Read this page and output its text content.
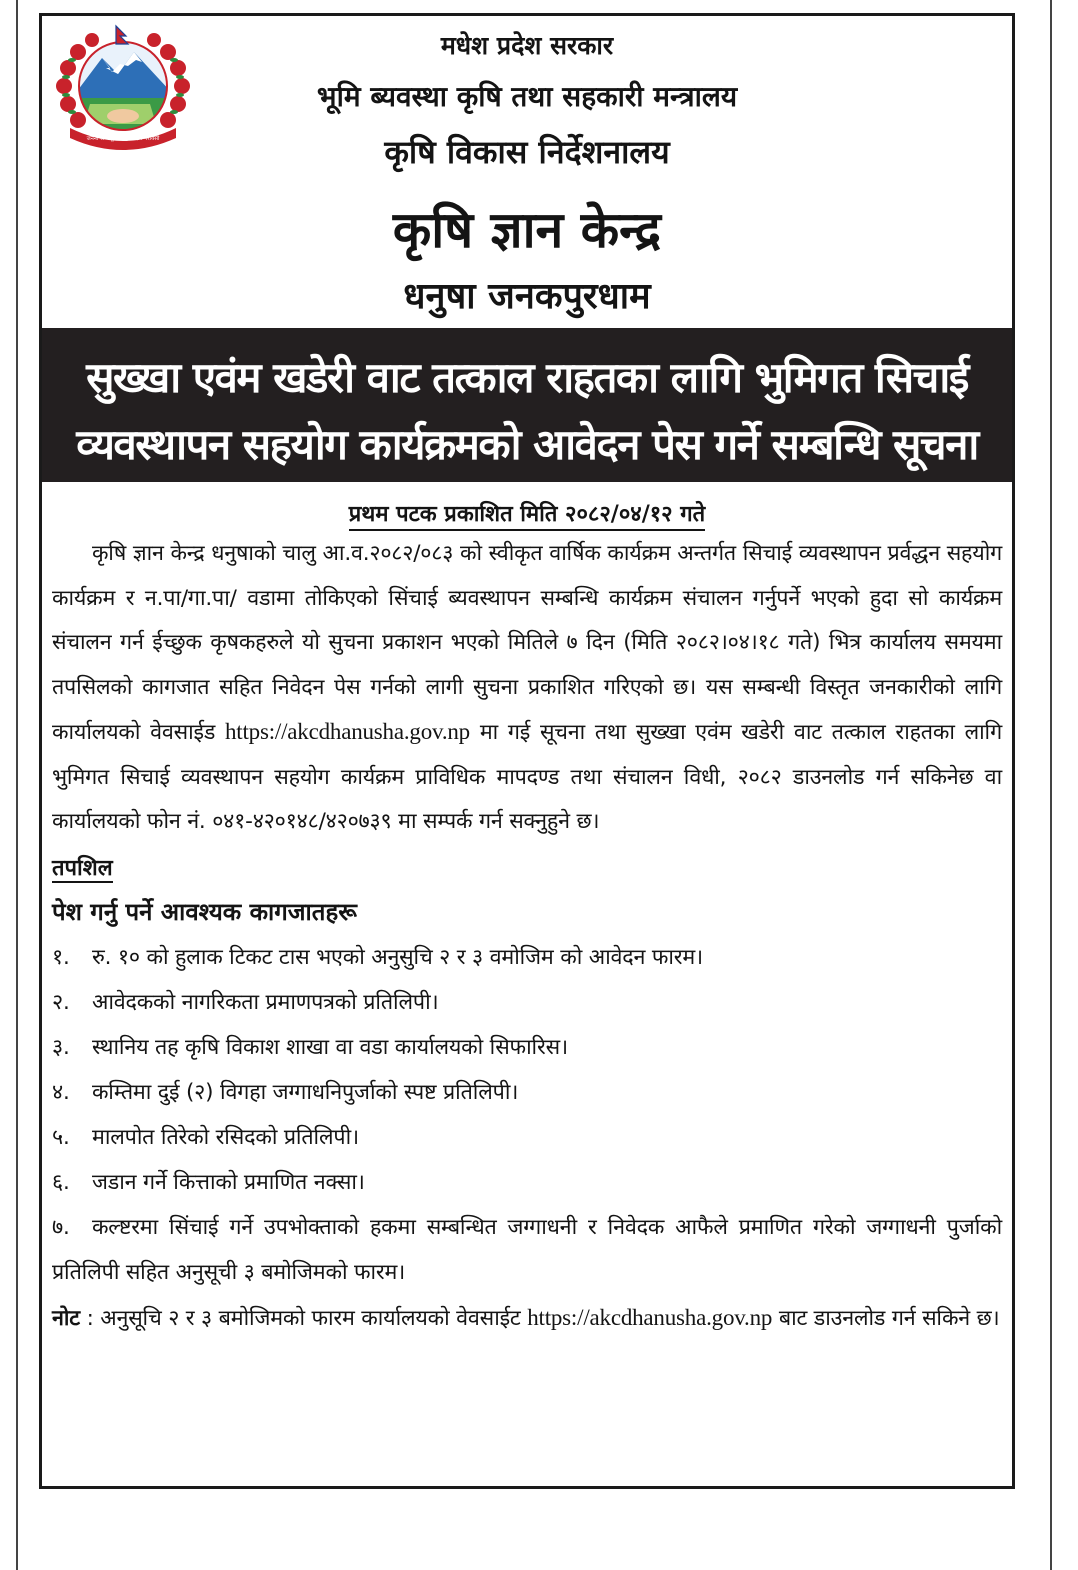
जननी जन्मभूमिश्च स्वर्गादपि गरीयसी
मधेश प्रदेश सरकार
भूमि ब्यवस्था कृषि तथा सहकारी मन्त्रालय
कृषि विकास निर्देशनालय
कृषि ज्ञान केन्द्र
धनुषा जनकपुरधाम
सुख्खा एवंम खडेरी वाट तत्काल राहतका लागि भुमिगत सिचाई
व्यवस्थापन सहयोग कार्यक्रमको आवेदन पेस गर्ने सम्बन्धि सूचना
प्रथम पटक प्रकाशित मिति २०८२/०४/१२ गते

कृषि ज्ञान केन्द्र धनुषाको चालु आ.व.२०८२/०८३ को स्वीकृत वार्षिक कार्यक्रम अन्तर्गत सिचाई व्यवस्थापन प्रर्वद्धन सहयोग कार्यक्रम र न.पा/गा.पा/ वडामा तोकिएको सिंचाई ब्यवस्थापन सम्बन्धि कार्यक्रम संचालन गर्नुपर्ने भएको हुदा सो कार्यक्रम संचालन गर्न ईच्छुक कृषकहरुले यो सुचना प्रकाशन भएको मितिले ७ दिन (मिति २०८२।०४।१८ गते) भित्र कार्यालय समयमा तपसिलको कागजात सहित निवेदन पेस गर्नको लागी सुचना प्रकाशित गरिएको छ। यस सम्बन्धी विस्तृत जनकारीको लागि कार्यालयको वेवसाईड https://akcdhanusha.gov.np मा गई सूचना तथा सुख्खा एवंम खडेरी वाट तत्काल राहतका लागि भुमिगत सिचाई व्यवस्थापन सहयोग कार्यक्रम प्राविधिक मापदण्ड तथा संचालन विधी, २०८२ डाउनलोड गर्न सकिनेछ वा कार्यालयको फोन नं. ०४१-४२०१४८/४२०७३९ मा सम्पर्क गर्न सक्नुहुने छ।

तपशिल
पेश गर्नु पर्ने आवश्यक कागजातहरू
१. रु. १० को हुलाक टिकट टास भएको अनुसुचि २ र ३ वमोजिम को आवेदन फारम।
२. आवेदकको नागरिकता प्रमाणपत्रको प्रतिलिपी।
३. स्थानिय तह कृषि विकाश शाखा वा वडा कार्यालयको सिफारिस।
४. कम्तिमा दुई (२) विगहा जग्गाधनिपुर्जाको स्पष्ट प्रतिलिपी।
५. मालपोत तिरेको रसिदको प्रतिलिपी।
६. जडान गर्ने कित्ताको प्रमाणित नक्सा।
७. कल्ष्टरमा सिंचाई गर्ने उपभोक्ताको हकमा सम्बन्धित जग्गाधनी र निवेदक आफैले प्रमाणित गरेको जग्गाधनी पुर्जाको प्रतिलिपी सहित अनुसूची ३ बमोजिमको फारम।
नोट : अनुसूचि २ र ३ बमोजिमको फारम कार्यालयको वेवसाईट https://akcdhanusha.gov.np बाट डाउनलोड गर्न सकिने छ।
